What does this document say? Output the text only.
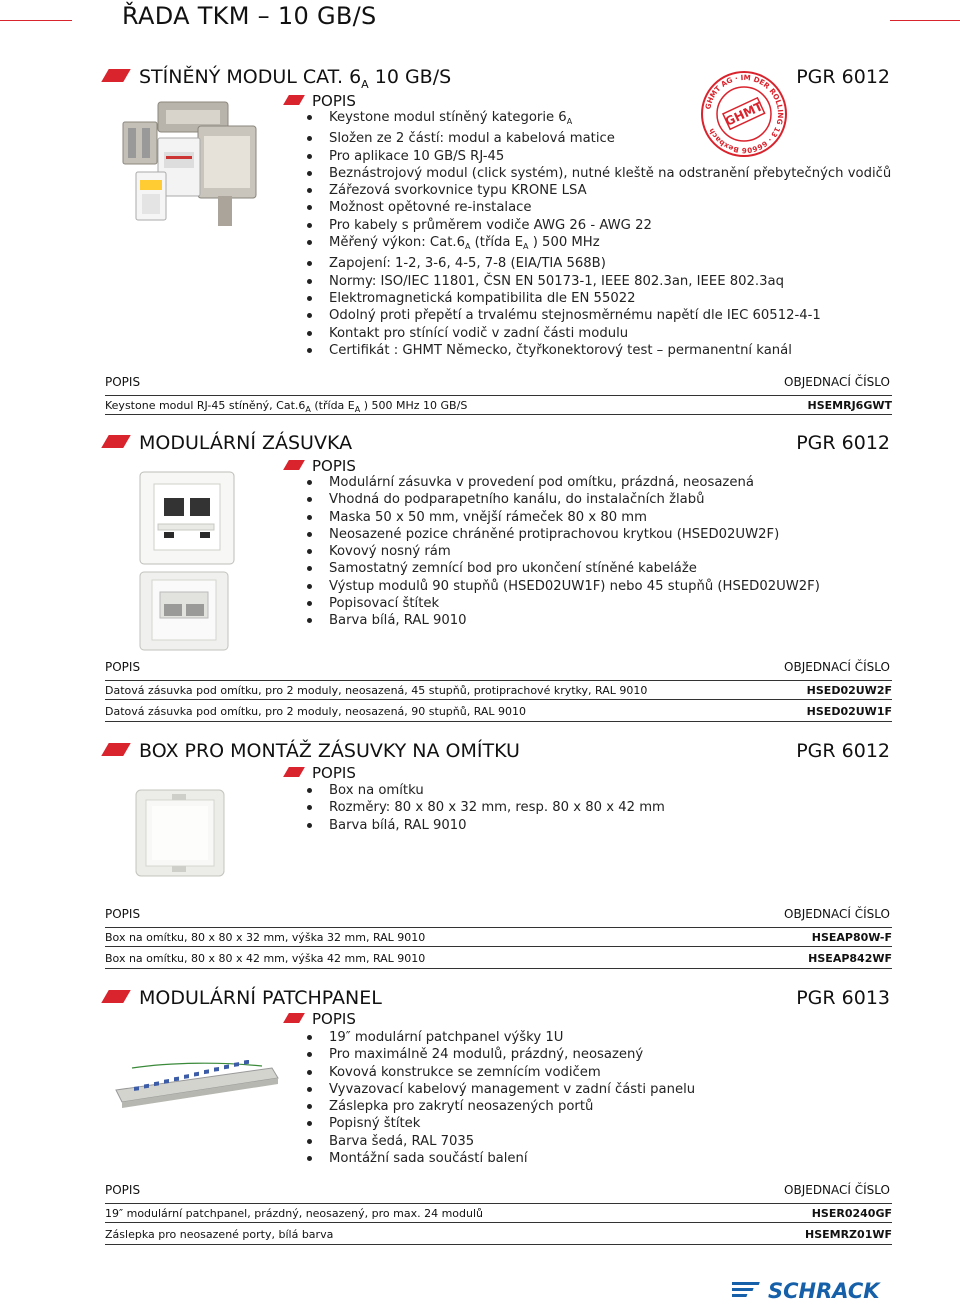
ŘADA TKM – 10 GB/S
STÍNĚNÝ MODUL CAT. $6_A$ 10 GB/S	PGR 6012
GHMT AG · IM DER ROLLING 13 · 66606 Bexbach
GHMT
POPIS
Keystone modul stíněný kategorie $6_A$
Složen ze 2 částí: modul a kabelová matice
Pro aplikace 10 GB/S RJ-45
Beznástrojový modul (click systém), nutné kleště na odstranění přebytečných vodičů
Zářezová svorkovnice typu KRONE LSA
Možnost opětovné re-instalace
Pro kabely s průměrem vodiče AWG 26 - AWG 22
Měřený výkon: $Cat.6_A$ (třída $E_A$ ) 500 MHz
Zapojení: 1-2, 3-6, 4-5, 7-8 (EIA/TIA 568B)
Normy: ISO/IEC 11801, ČSN EN 50173-1, IEEE 802.3an, IEEE 802.3aq
Elektromagnetická kompatibilita dle EN 55022
Odolný proti přepětí a trvalému stejnosměrnému napětí dle IEC 60512-4-1
Kontakt pro stínící vodič v zadní části modulu
Certifikát : GHMT Německo, čtyřkonektorový test – permanentní kanál
POPIS	OBJEDNACÍ ČÍSLO
Keystone modul RJ-45 stíněný, $Cat.6_A$ (třída $E_A$ ) 500 MHz 10 GB/S	HSEMRJ6GWT
MODULÁRNÍ ZÁSUVKA	PGR 6012
POPIS
Modulární zásuvka v provedení pod omítku, prázdná, neosazená
Vhodná do podparapetního kanálu, do instalačních žlabů
Maska 50 x 50 mm, vnější rámeček 80 x 80 mm
Neosazené pozice chráněné protiprachovou krytkou (HSED02UW2F)
Kovový nosný rám
Samostatný zemnící bod pro ukončení stíněné kabeláže
Výstup modulů 90 stupňů (HSED02UW1F) nebo 45 stupňů (HSED02UW2F)
Popisovací štítek
Barva bílá, RAL 9010
POPIS	OBJEDNACÍ ČÍSLO
Datová zásuvka pod omítku, pro 2 moduly, neosazená, 45 stupňů, protiprachové krytky, RAL 9010	HSED02UW2F
Datová zásuvka pod omítku, pro 2 moduly, neosazená, 90 stupňů, RAL 9010	HSED02UW1F
BOX PRO MONTÁŽ ZÁSUVKY NA OMÍTKU	PGR 6012
POPIS
Box na omítku
Rozměry: 80 x 80 x 32 mm, resp. 80 x 80 x 42 mm
Barva bílá, RAL 9010
POPIS	OBJEDNACÍ ČÍSLO
Box na omítku, 80 x 80 x 32 mm, výška 32 mm, RAL 9010	HSEAP80W-F
Box na omítku, 80 x 80 x 42 mm, výška 42 mm, RAL 9010	HSEAP842WF
MODULÁRNÍ PATCHPANEL	PGR 6013
POPIS
19″ modulární patchpanel výšky 1U
Pro maximálně 24 modulů, prázdný, neosazený
Kovová konstrukce se zemnícím vodičem
Vyvazovací kabelový management v zadní části panelu
Záslepka pro zakrytí neosazených portů
Popisný štítek
Barva šedá, RAL 7035
Montážní sada součástí balení
POPIS	OBJEDNACÍ ČÍSLO
19″ modulární patchpanel, prázdný, neosazený, pro max. 24 modulů	HSER0240GF
Záslepka pro neosazené porty, bílá barva	HSEMRZ01WF
SCHRACK
